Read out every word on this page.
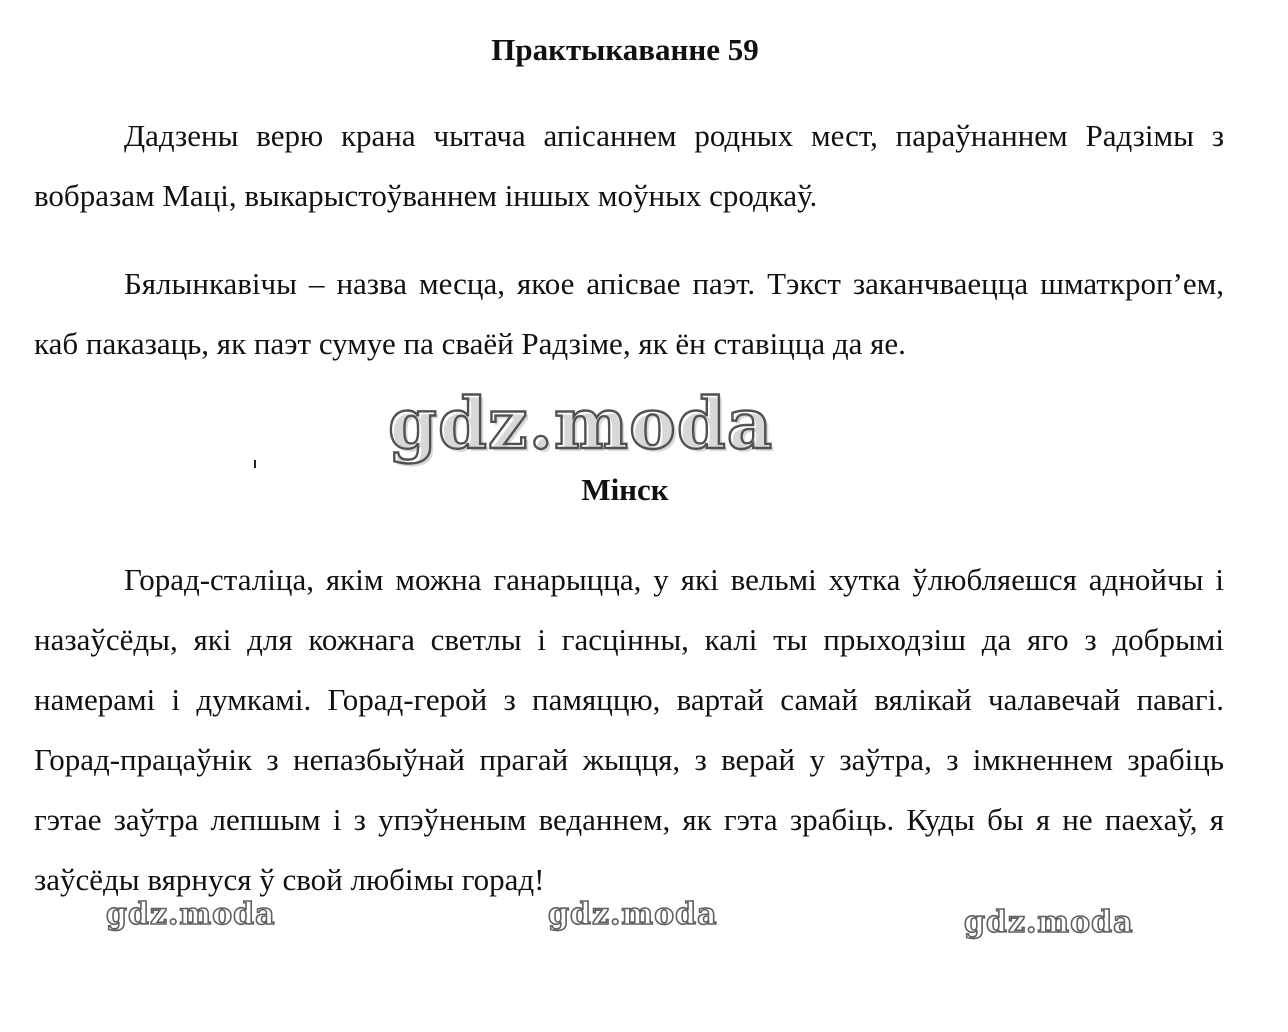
Практыкаванне 59

Дадзены верю крана чытача апісаннем родных мест, параўнаннем Радзімы з вобразам Маці, выкарыстоўваннем іншых моўных сродкаў.

Бялынкавічы – назва месца, якое апісвае паэт. Тэкст заканчваецца шматкроп’ем, каб паказаць, як паэт сумуе па сваёй Радзіме, як ён ставіцца да яе.

Мінск

Горад-сталіца, якім можна ганарыцца, у які вельмі хутка ўлюбляешся аднойчы і назаўсёды, які для кожнага светлы і гасцінны, калі ты прыходзіш да яго з добрымі намерамі і думкамі. Горад-герой з памяццю, вартай самай вялікай чалавечай павагі. Горад-працаўнік з непазбыўнай прагай жыцця, з верай у заўтра, з імкненнем зрабіць гэтае заўтра лепшым і з упэўненым веданнем, як гэта зрабіць. Куды бы я не паехаў, я заўсёды вярнуся ў свой любімы горад!

gdz.moda
gdz.moda	gdz.moda	gdz.moda
